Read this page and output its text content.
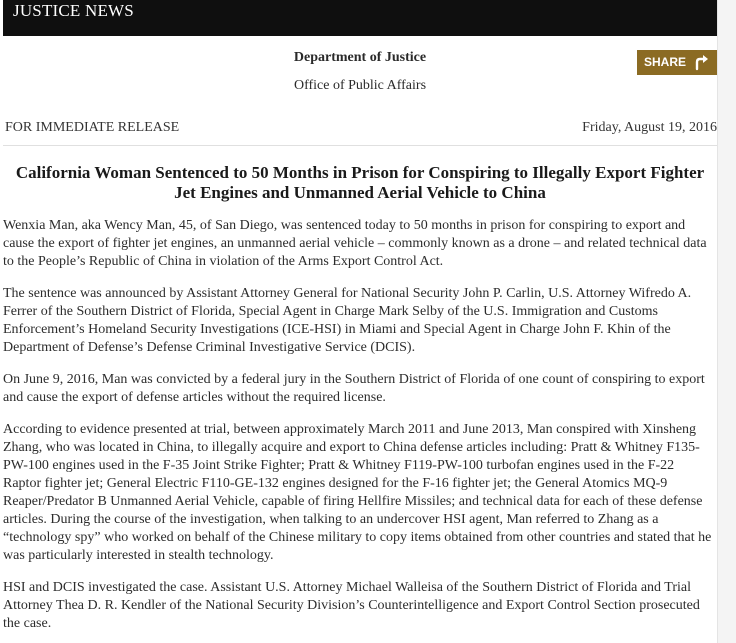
JUSTICE NEWS
Department of Justice
Office of Public Affairs
SHARE
FOR IMMEDIATE RELEASE	Friday, August 19, 2016
California Woman Sentenced to 50 Months in Prison for Conspiring to Illegally Export Fighter Jet Engines and Unmanned Aerial Vehicle to China

Wenxia Man, aka Wency Man, 45, of San Diego, was sentenced today to 50 months in prison for conspiring to export and cause the export of fighter jet engines, an unmanned aerial vehicle – commonly known as a drone – and related technical data to the People’s Republic of China in violation of the Arms Export Control Act.

The sentence was announced by Assistant Attorney General for National Security John P. Carlin, U.S. Attorney Wifredo A. Ferrer of the Southern District of Florida, Special Agent in Charge Mark Selby of the U.S. Immigration and Customs Enforcement’s Homeland Security Investigations (ICE-HSI) in Miami and Special Agent in Charge John F. Khin of the Department of Defense’s Defense Criminal Investigative Service (DCIS).

On June 9, 2016, Man was convicted by a federal jury in the Southern District of Florida of one count of conspiring to export and cause the export of defense articles without the required license.

According to evidence presented at trial, between approximately March 2011 and June 2013, Man conspired with Xinsheng Zhang, who was located in China, to illegally acquire and export to China defense articles including: Pratt & Whitney F135-PW-100 engines used in the F-35 Joint Strike Fighter; Pratt & Whitney F119-PW-100 turbofan engines used in the F-22 Raptor fighter jet; General Electric F110-GE-132 engines designed for the F-16 fighter jet; the General Atomics MQ-9 Reaper/Predator B Unmanned Aerial Vehicle, capable of firing Hellfire Missiles; and technical data for each of these defense articles. During the course of the investigation, when talking to an undercover HSI agent, Man referred to Zhang as a “technology spy” who worked on behalf of the Chinese military to copy items obtained from other countries and stated that he was particularly interested in stealth technology.

HSI and DCIS investigated the case. Assistant U.S. Attorney Michael Walleisa of the Southern District of Florida and Trial Attorney Thea D. R. Kendler of the National Security Division’s Counterintelligence and Export Control Section prosecuted the case.
